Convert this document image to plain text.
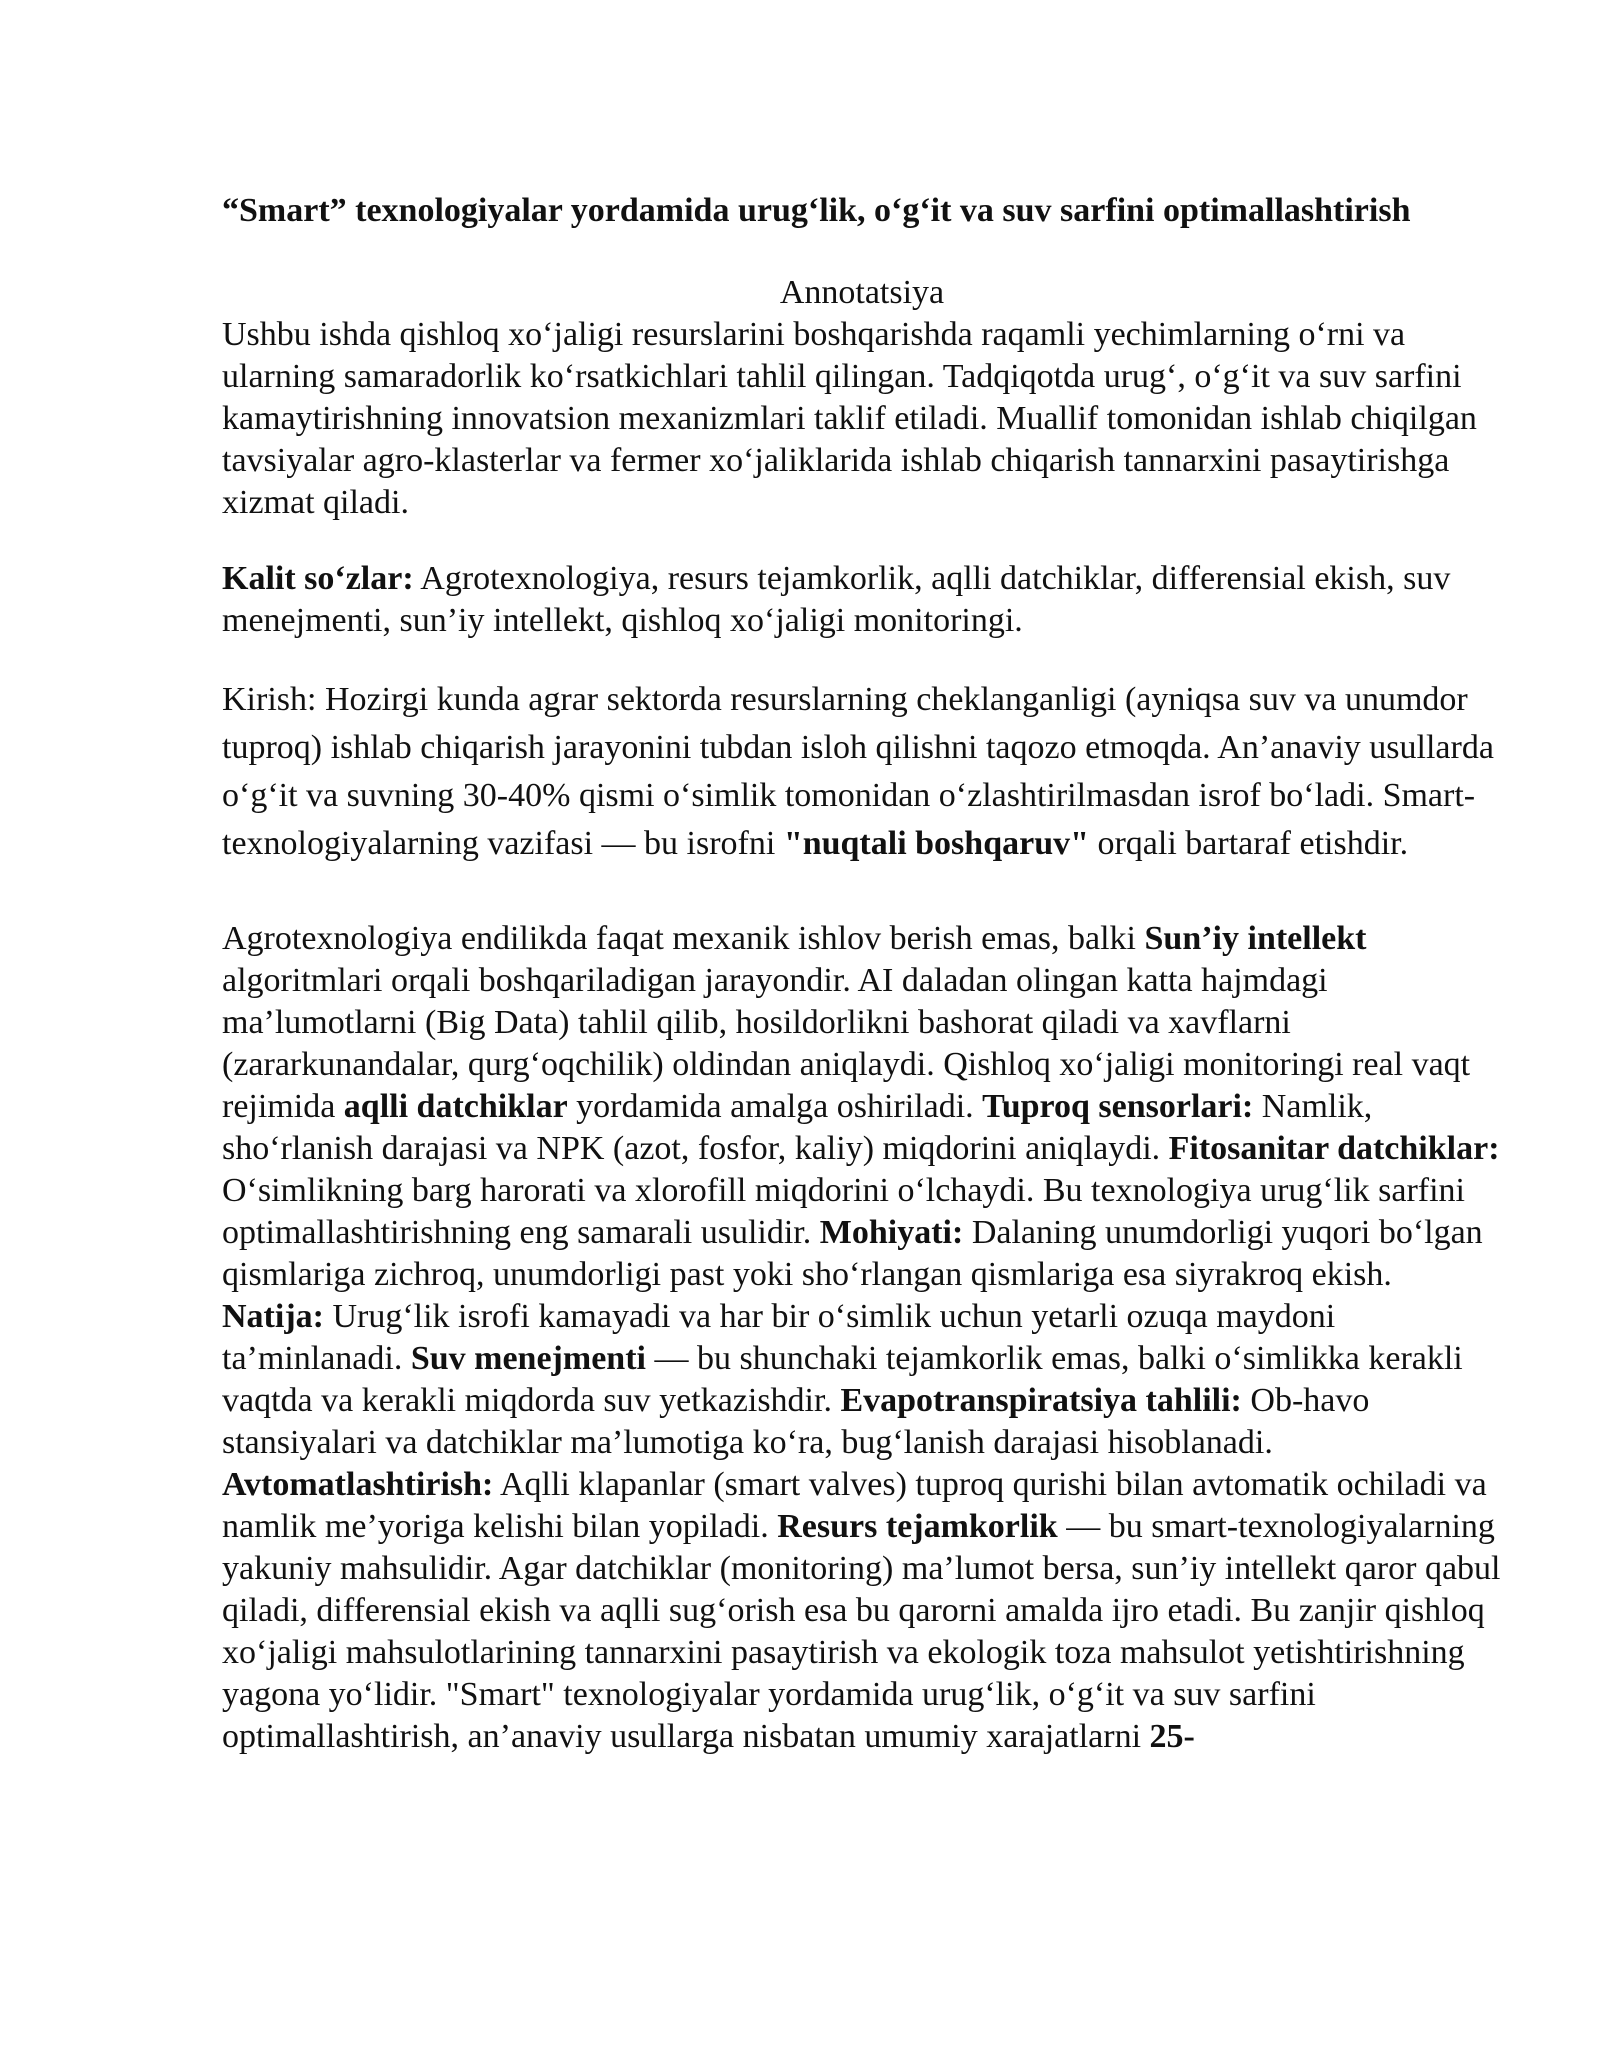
“Smart” texnologiyalar yordamida urug‘lik, o‘g‘it va suv sarfini optimallashtirish
Annotatsiya

Ushbu ishda qishloq xo‘jaligi resurslarini boshqarishda raqamli yechimlarning o‘rni va ularning samaradorlik ko‘rsatkichlari tahlil qilingan. Tadqiqotda urug‘, o‘g‘it va suv sarfini kamaytirishning innovatsion mexanizmlari taklif etiladi. Muallif tomonidan ishlab chiqilgan tavsiyalar agro-klasterlar va fermer xo‘jaliklarida ishlab chiqarish tannarxini pasaytirishga xizmat qiladi.

Kalit so‘zlar: Agrotexnologiya, resurs tejamkorlik, aqlli datchiklar, differensial ekish, suv menejmenti, sun’iy intellekt, qishloq xo‘jaligi monitoringi.

Kirish: Hozirgi kunda agrar sektorda resurslarning cheklanganligi (ayniqsa suv va unumdor tuproq) ishlab chiqarish jarayonini tubdan isloh qilishni taqozo etmoqda. An’anaviy usullarda o‘g‘it va suvning 30-40% qismi o‘simlik tomonidan o‘zlashtirilmasdan isrof bo‘ladi. Smart-texnologiyalarning vazifasi — bu isrofni "nuqtali boshqaruv" orqali bartaraf etishdir.

Agrotexnologiya endilikda faqat mexanik ishlov berish emas, balki Sun’iy intellekt algoritmlari orqali boshqariladigan jarayondir. AI daladan olingan katta hajmdagi ma’lumotlarni (Big Data) tahlil qilib, hosildorlikni bashorat qiladi va xavflarni (zararkunandalar, qurg‘oqchilik) oldindan aniqlaydi. Qishloq xo‘jaligi monitoringi real vaqt rejimida aqlli datchiklar yordamida amalga oshiriladi. Tuproq sensorlari: Namlik, sho‘rlanish darajasi va NPK (azot, fosfor, kaliy) miqdorini aniqlaydi. Fitosanitar datchiklar: O‘simlikning barg harorati va xlorofill miqdorini o‘lchaydi. Bu texnologiya urug‘lik sarfini optimallashtirishning eng samarali usulidir. Mohiyati: Dalaning unumdorligi yuqori bo‘lgan qismlariga zichroq, unumdorligi past yoki sho‘rlangan qismlariga esa siyrakroq ekish. Natija: Urug‘lik isrofi kamayadi va har bir o‘simlik uchun yetarli ozuqa maydoni ta’minlanadi. Suv menejmenti — bu shunchaki tejamkorlik emas, balki o‘simlikka kerakli vaqtda va kerakli miqdorda suv yetkazishdir. Evapotranspiratsiya tahlili: Ob-havo stansiyalari va datchiklar ma’lumotiga ko‘ra, bug‘lanish darajasi hisoblanadi. Avtomatlashtirish: Aqlli klapanlar (smart valves) tuproq qurishi bilan avtomatik ochiladi va namlik me’yoriga kelishi bilan yopiladi. Resurs tejamkorlik — bu smart-texnologiyalarning yakuniy mahsulidir. Agar datchiklar (monitoring) ma’lumot bersa, sun’iy intellekt qaror qabul qiladi, differensial ekish va aqlli sug‘orish esa bu qarorni amalda ijro etadi. Bu zanjir qishloq xo‘jaligi mahsulotlarining tannarxini pasaytirish va ekologik toza mahsulot yetishtirishning yagona yo‘lidir. "Smart" texnologiyalar yordamida urug‘lik, o‘g‘it va suv sarfini optimallashtirish, an’anaviy usullarga nisbatan umumiy xarajatlarni 25-
